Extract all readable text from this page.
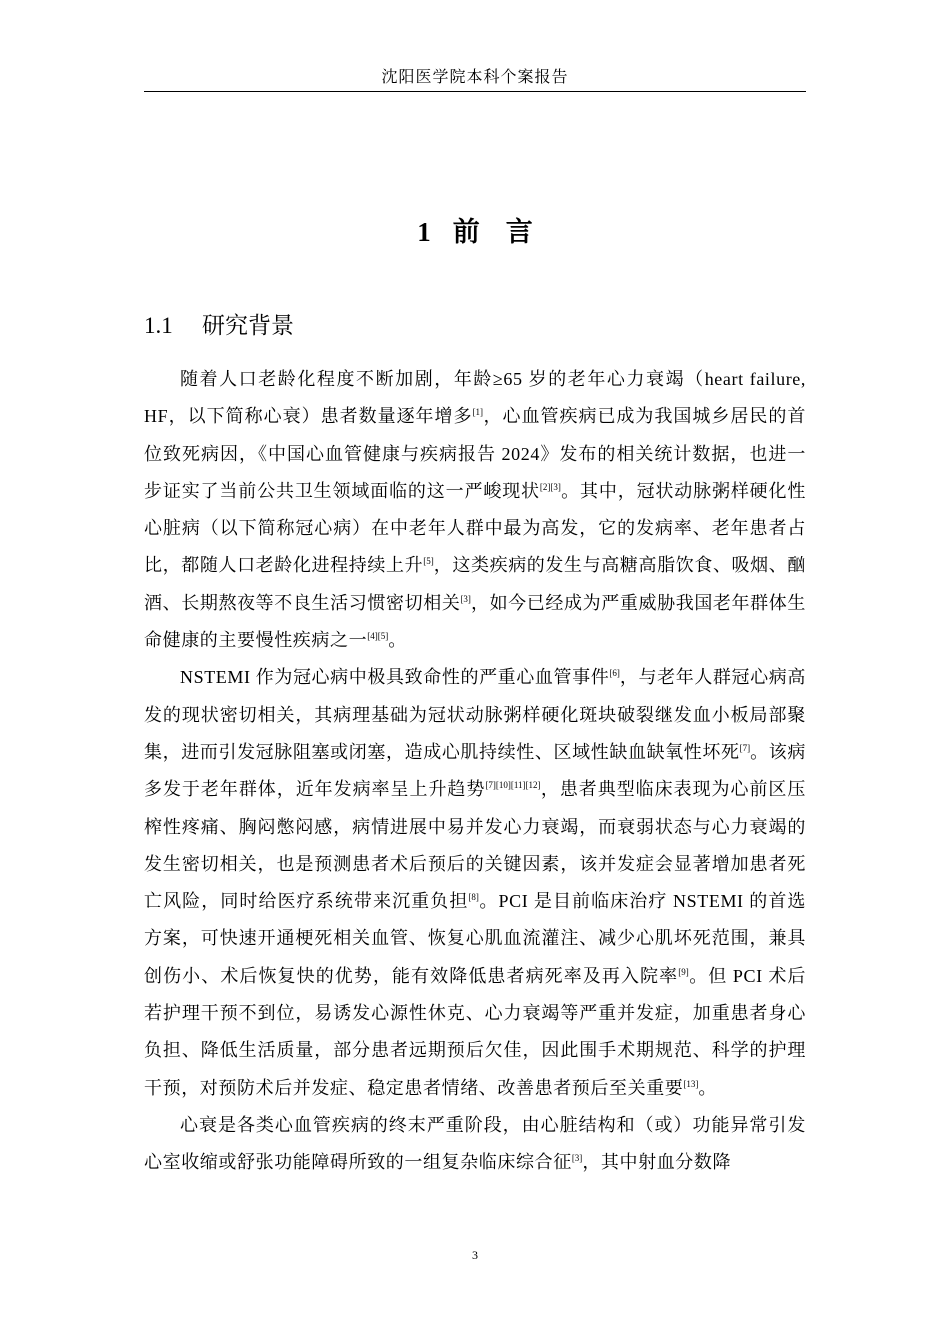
沈阳医学院本科个案报告
1 前 言
1.1 研究背景

随着人口老龄化程度不断加剧，年龄≥65 岁的老年心力衰竭（heart failure, HF，以下简称心衰）患者数量逐年增多[1]，心血管疾病已成为我国城乡居民的首位致死病因，《中国心血管健康与疾病报告 2024》发布的相关统计数据，也进一步证实了当前公共卫生领域面临的这一严峻现状[2][3]。其中，冠状动脉粥样硬化性心脏病（以下简称冠心病）在中老年人群中最为高发，它的发病率、老年患者占比，都随人口老龄化进程持续上升[5]，这类疾病的发生与高糖高脂饮食、吸烟、酗酒、长期熬夜等不良生活习惯密切相关[3]，如今已经成为严重威胁我国老年群体生命健康的主要慢性疾病之一[4][5]。

NSTEMI 作为冠心病中极具致命性的严重心血管事件[6]，与老年人群冠心病高发的现状密切相关，其病理基础为冠状动脉粥样硬化斑块破裂继发血小板局部聚集，进而引发冠脉阻塞或闭塞，造成心肌持续性、区域性缺血缺氧性坏死[7]。该病多发于老年群体，近年发病率呈上升趋势[7][10][11][12]，患者典型临床表现为心前区压榨性疼痛、胸闷憋闷感，病情进展中易并发心力衰竭，而衰弱状态与心力衰竭的发生密切相关，也是预测患者术后预后的关键因素，该并发症会显著增加患者死亡风险，同时给医疗系统带来沉重负担[8]。PCI 是目前临床治疗 NSTEMI 的首选方案，可快速开通梗死相关血管、恢复心肌血流灌注、减少心肌坏死范围，兼具创伤小、术后恢复快的优势，能有效降低患者病死率及再入院率[9]。但 PCI 术后若护理干预不到位，易诱发心源性休克、心力衰竭等严重并发症，加重患者身心负担、降低生活质量，部分患者远期预后欠佳，因此围手术期规范、科学的护理干预，对预防术后并发症、稳定患者情绪、改善患者预后至关重要[13]。

心衰是各类心血管疾病的终末严重阶段，由心脏结构和（或）功能异常引发心室收缩或舒张功能障碍所致的一组复杂临床综合征[3]，其中射血分数降

3
